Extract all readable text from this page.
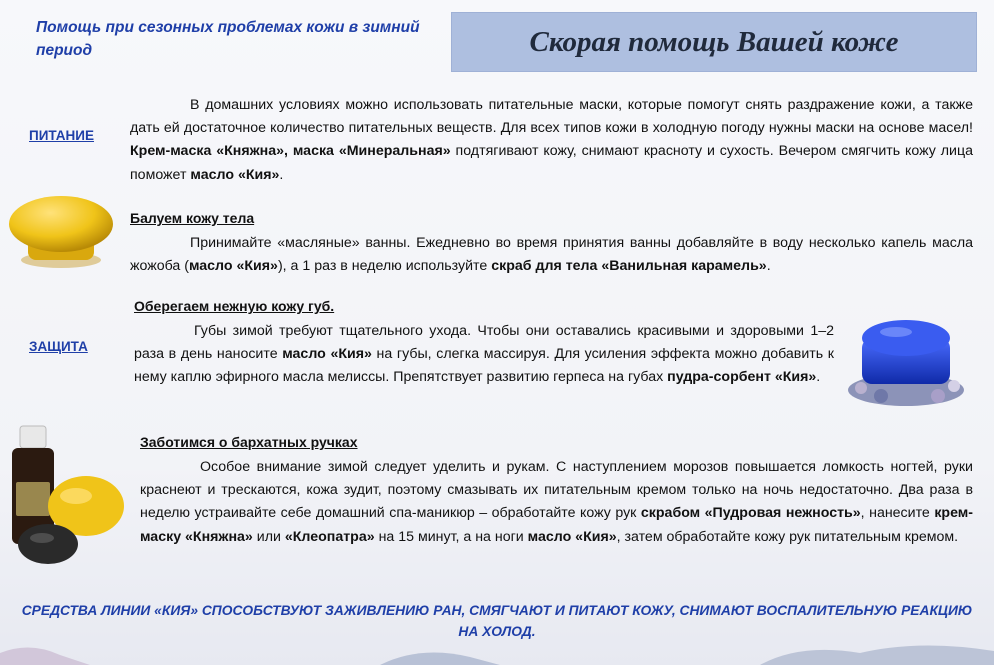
Помощь при сезонных проблемах кожи в зимний период	Скорая помощь Вашей коже
ПИТАНИЕ
ЗАЩИТА
В домашних условиях можно использовать питательные маски, которые помогут снять раздражение кожи, а также дать ей достаточное количество питательных веществ. Для всех типов кожи в холодную погоду нужны маски на основе масел! Крем-маска «Княжна», маска «Минеральная» подтягивают кожу, снимают красноту и сухость. Вечером смягчить кожу лица поможет масло «Кия».
Балуем кожу тела
Принимайте «масляные» ванны. Ежедневно во время принятия ванны добавляйте в воду несколько капель масла жожоба (масло «Кия»), а 1 раз в неделю используйте скраб для тела «Ванильная карамель».
Оберегаем нежную кожу губ.
Губы зимой требуют тщательного ухода. Чтобы они оставались красивыми и здоровыми 1–2 раза в день наносите масло «Кия» на губы, слегка массируя. Для усиления эффекта можно добавить к нему каплю эфирного масла мелиссы. Препятствует развитию герпеса на губах пудра-сорбент «Кия».
Заботимся о бархатных ручках
Особое внимание зимой следует уделить и рукам. С наступлением морозов повышается ломкость ногтей, руки краснеют и трескаются, кожа зудит, поэтому смазывать их питательным кремом только на ночь недостаточно. Два раза в неделю устраивайте себе домашний спа-маникюр – обработайте кожу рук скрабом «Пудровая нежность», нанесите крем-маску «Княжна» или «Клеопатра» на 15 минут, а на ноги масло «Кия», затем обработайте кожу рук питательным кремом.
СРЕДСТВА ЛИНИИ «КИЯ» СПОСОБСТВУЮТ ЗАЖИВЛЕНИЮ РАН, СМЯГЧАЮТ И ПИТАЮТ КОЖУ, СНИМАЮТ ВОСПАЛИТЕЛЬНУЮ РЕАКЦИЮ НА ХОЛОД.
